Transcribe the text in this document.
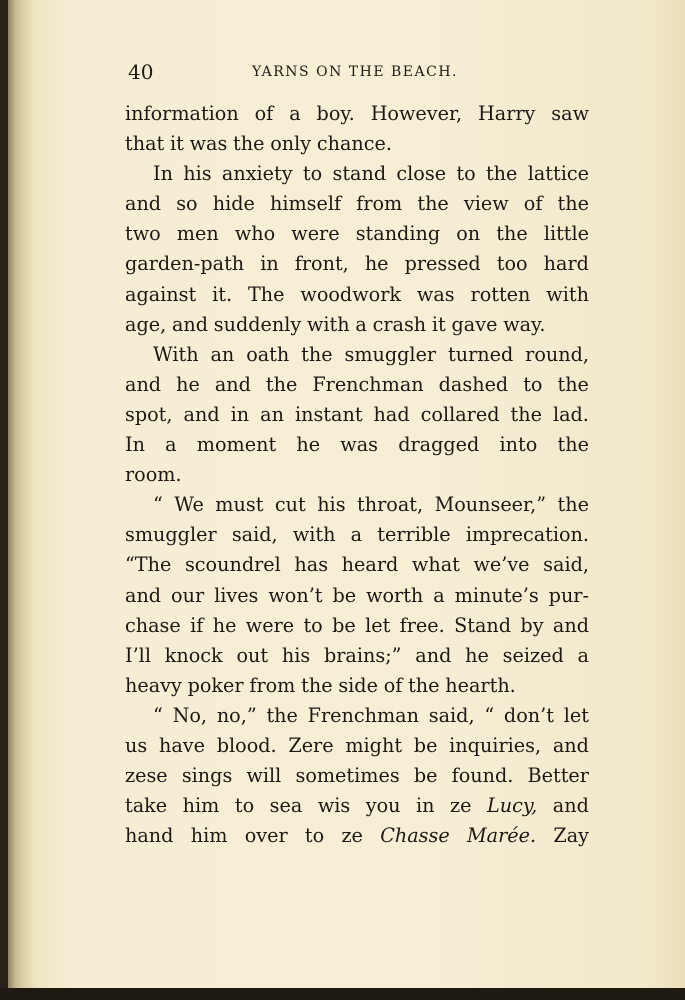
40	YARNS ON THE BEACH.
information of a boy. However, Harry saw
that it was the only chance.
In his anxiety to stand close to the lattice
and so hide himself from the view of the
two men who were standing on the little
garden-path in front, he pressed too hard
against it. The woodwork was rotten with
age, and suddenly with a crash it gave way.
With an oath the smuggler turned round,
and he and the Frenchman dashed to the
spot, and in an instant had collared the lad.
In a moment he was dragged into the
room.
“ We must cut his throat, Mounseer,” the
smuggler said, with a terrible imprecation.
“The scoundrel has heard what we’ve said,
and our lives won’t be worth a minute’s pur-
chase if he were to be let free. Stand by and
I’ll knock out his brains;” and he seized a
heavy poker from the side of the hearth.
“ No, no,” the Frenchman said, “ don’t let
us have blood. Zere might be inquiries, and
zese sings will sometimes be found. Better
take him to sea wis you in ze Lucy, and
hand him over to ze Chasse Marée. Zay
